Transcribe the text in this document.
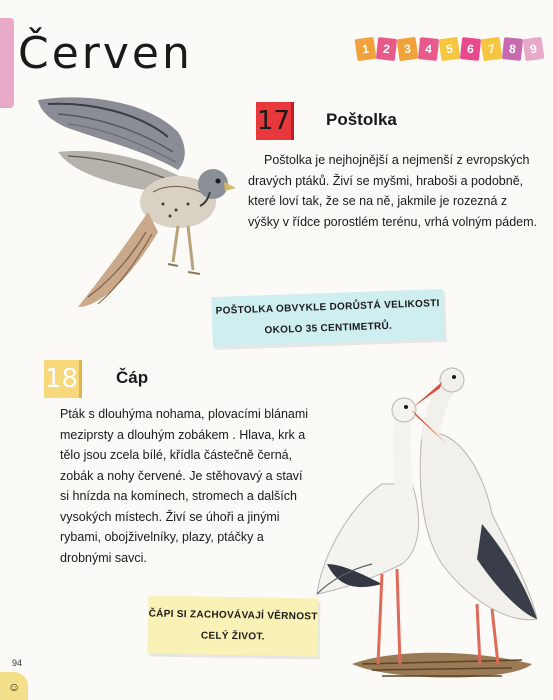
Červen	1	2	3	4	5	6	7	8	9
17 Poštolka

Poštolka je nejhojnější a nejmenší z evropských dravých ptáků. Živí se myšmi, hraboši a podobně, které loví tak, že se na ně, jakmile je rozezná z výšky v řídce porostlém terénu, vrhá volným pádem.

POŠTOLKA OBVYKLE DORŮSTÁ VELIKOSTI
OKOLO 35 CENTIMETRŮ.
18 Čáp

Pták s dlouhýma nohama, plovacími blánami meziprsty a dlouhým zobákem . Hlava, krk a tělo jsou zcela bílé, křídla částečně černá, zobák a nohy červené. Je stěhovavý a staví si hnízda na komínech, stromech a dalších vysokých místech. Živí se úhoři a jinými rybami, obojživelníky, plazy, ptáčky a drobnými savci.

ČÁPI SI ZACHOVÁVAJÍ VĚRNOST
CELÝ ŽIVOT.
94
☺
